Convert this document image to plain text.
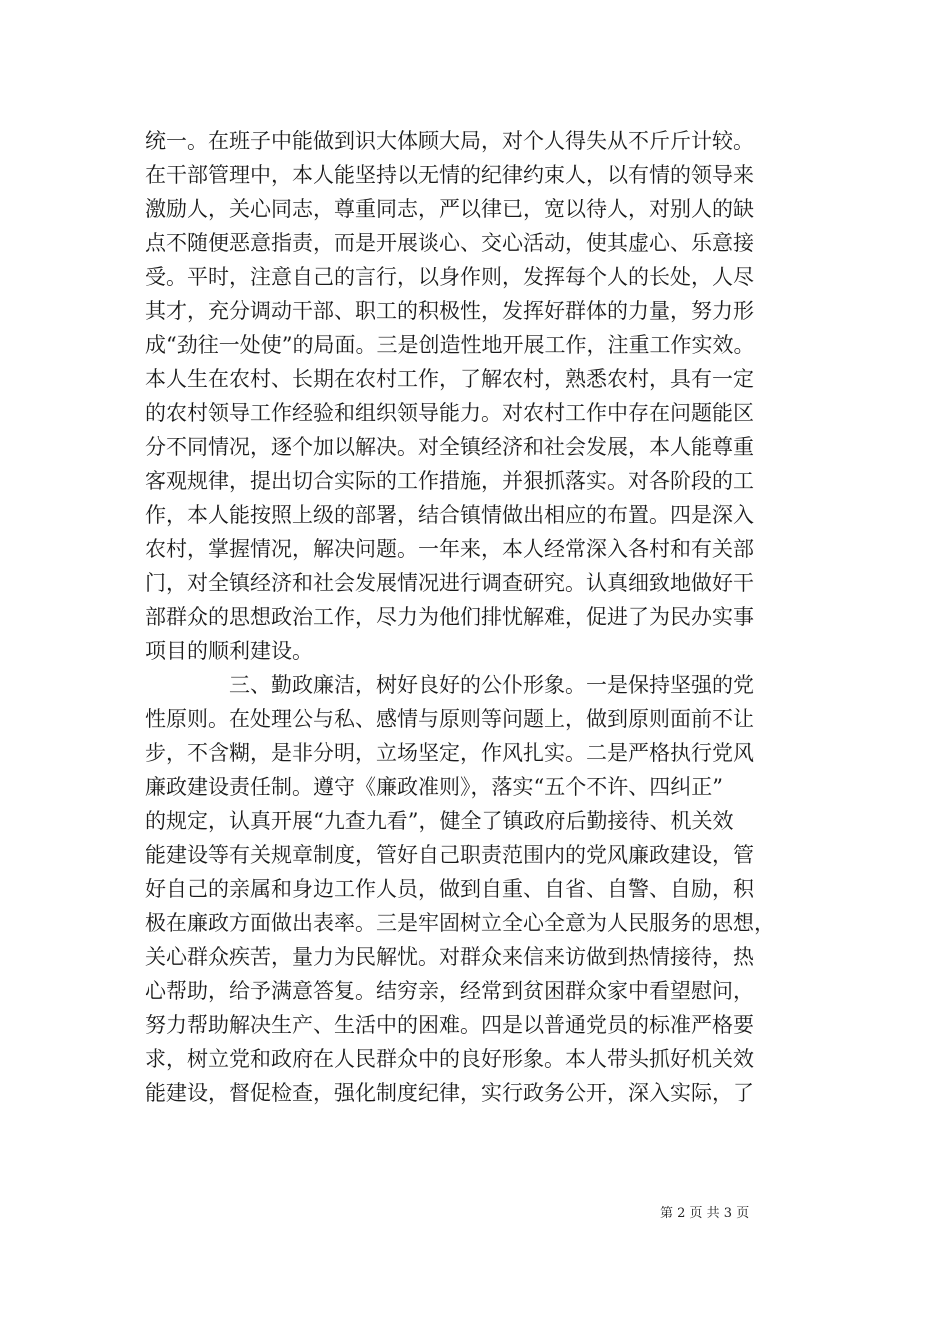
统一。在班子中能做到识大体顾大局，对个人得失从不斤斤计较。
在干部管理中，本人能坚持以无情的纪律约束人，以有情的领导来
激励人，关心同志，尊重同志，严以律已，宽以待人，对别人的缺
点不随便恶意指责，而是开展谈心、交心活动，使其虚心、乐意接
受。平时，注意自己的言行，以身作则，发挥每个人的长处，人尽
其才，充分调动干部、职工的积极性，发挥好群体的力量，努力形
成“劲往一处使”的局面。三是创造性地开展工作，注重工作实效。
本人生在农村、长期在农村工作，了解农村，熟悉农村，具有一定
的农村领导工作经验和组织领导能力。对农村工作中存在问题能区
分不同情况，逐个加以解决。对全镇经济和社会发展，本人能尊重
客观规律，提出切合实际的工作措施，并狠抓落实。对各阶段的工
作，本人能按照上级的部署，结合镇情做出相应的布置。四是深入
农村，掌握情况，解决问题。一年来，本人经常深入各村和有关部
门，对全镇经济和社会发展情况进行调查研究。认真细致地做好干
部群众的思想政治工作，尽力为他们排忧解难，促进了为民办实事
项目的顺利建设。
　　　　三、勤政廉洁，树好良好的公仆形象。一是保持坚强的党
性原则。在处理公与私、感情与原则等问题上，做到原则面前不让
步，不含糊，是非分明，立场坚定，作风扎实。二是严格执行党风
廉政建设责任制。遵守《廉政准则》，落实“五个不许、四纠正”
的规定，认真开展“九查九看”，健全了镇政府后勤接待、机关效
能建设等有关规章制度，管好自己职责范围内的党风廉政建设，管
好自己的亲属和身边工作人员，做到自重、自省、自警、自励，积
极在廉政方面做出表率。三是牢固树立全心全意为人民服务的思想，
关心群众疾苦，量力为民解忧。对群众来信来访做到热情接待，热
心帮助，给予满意答复。结穷亲，经常到贫困群众家中看望慰问，
努力帮助解决生产、生活中的困难。四是以普通党员的标准严格要
求，树立党和政府在人民群众中的良好形象。本人带头抓好机关效
能建设，督促检查，强化制度纪律，实行政务公开，深入实际，了
第 2 页 共 3 页
